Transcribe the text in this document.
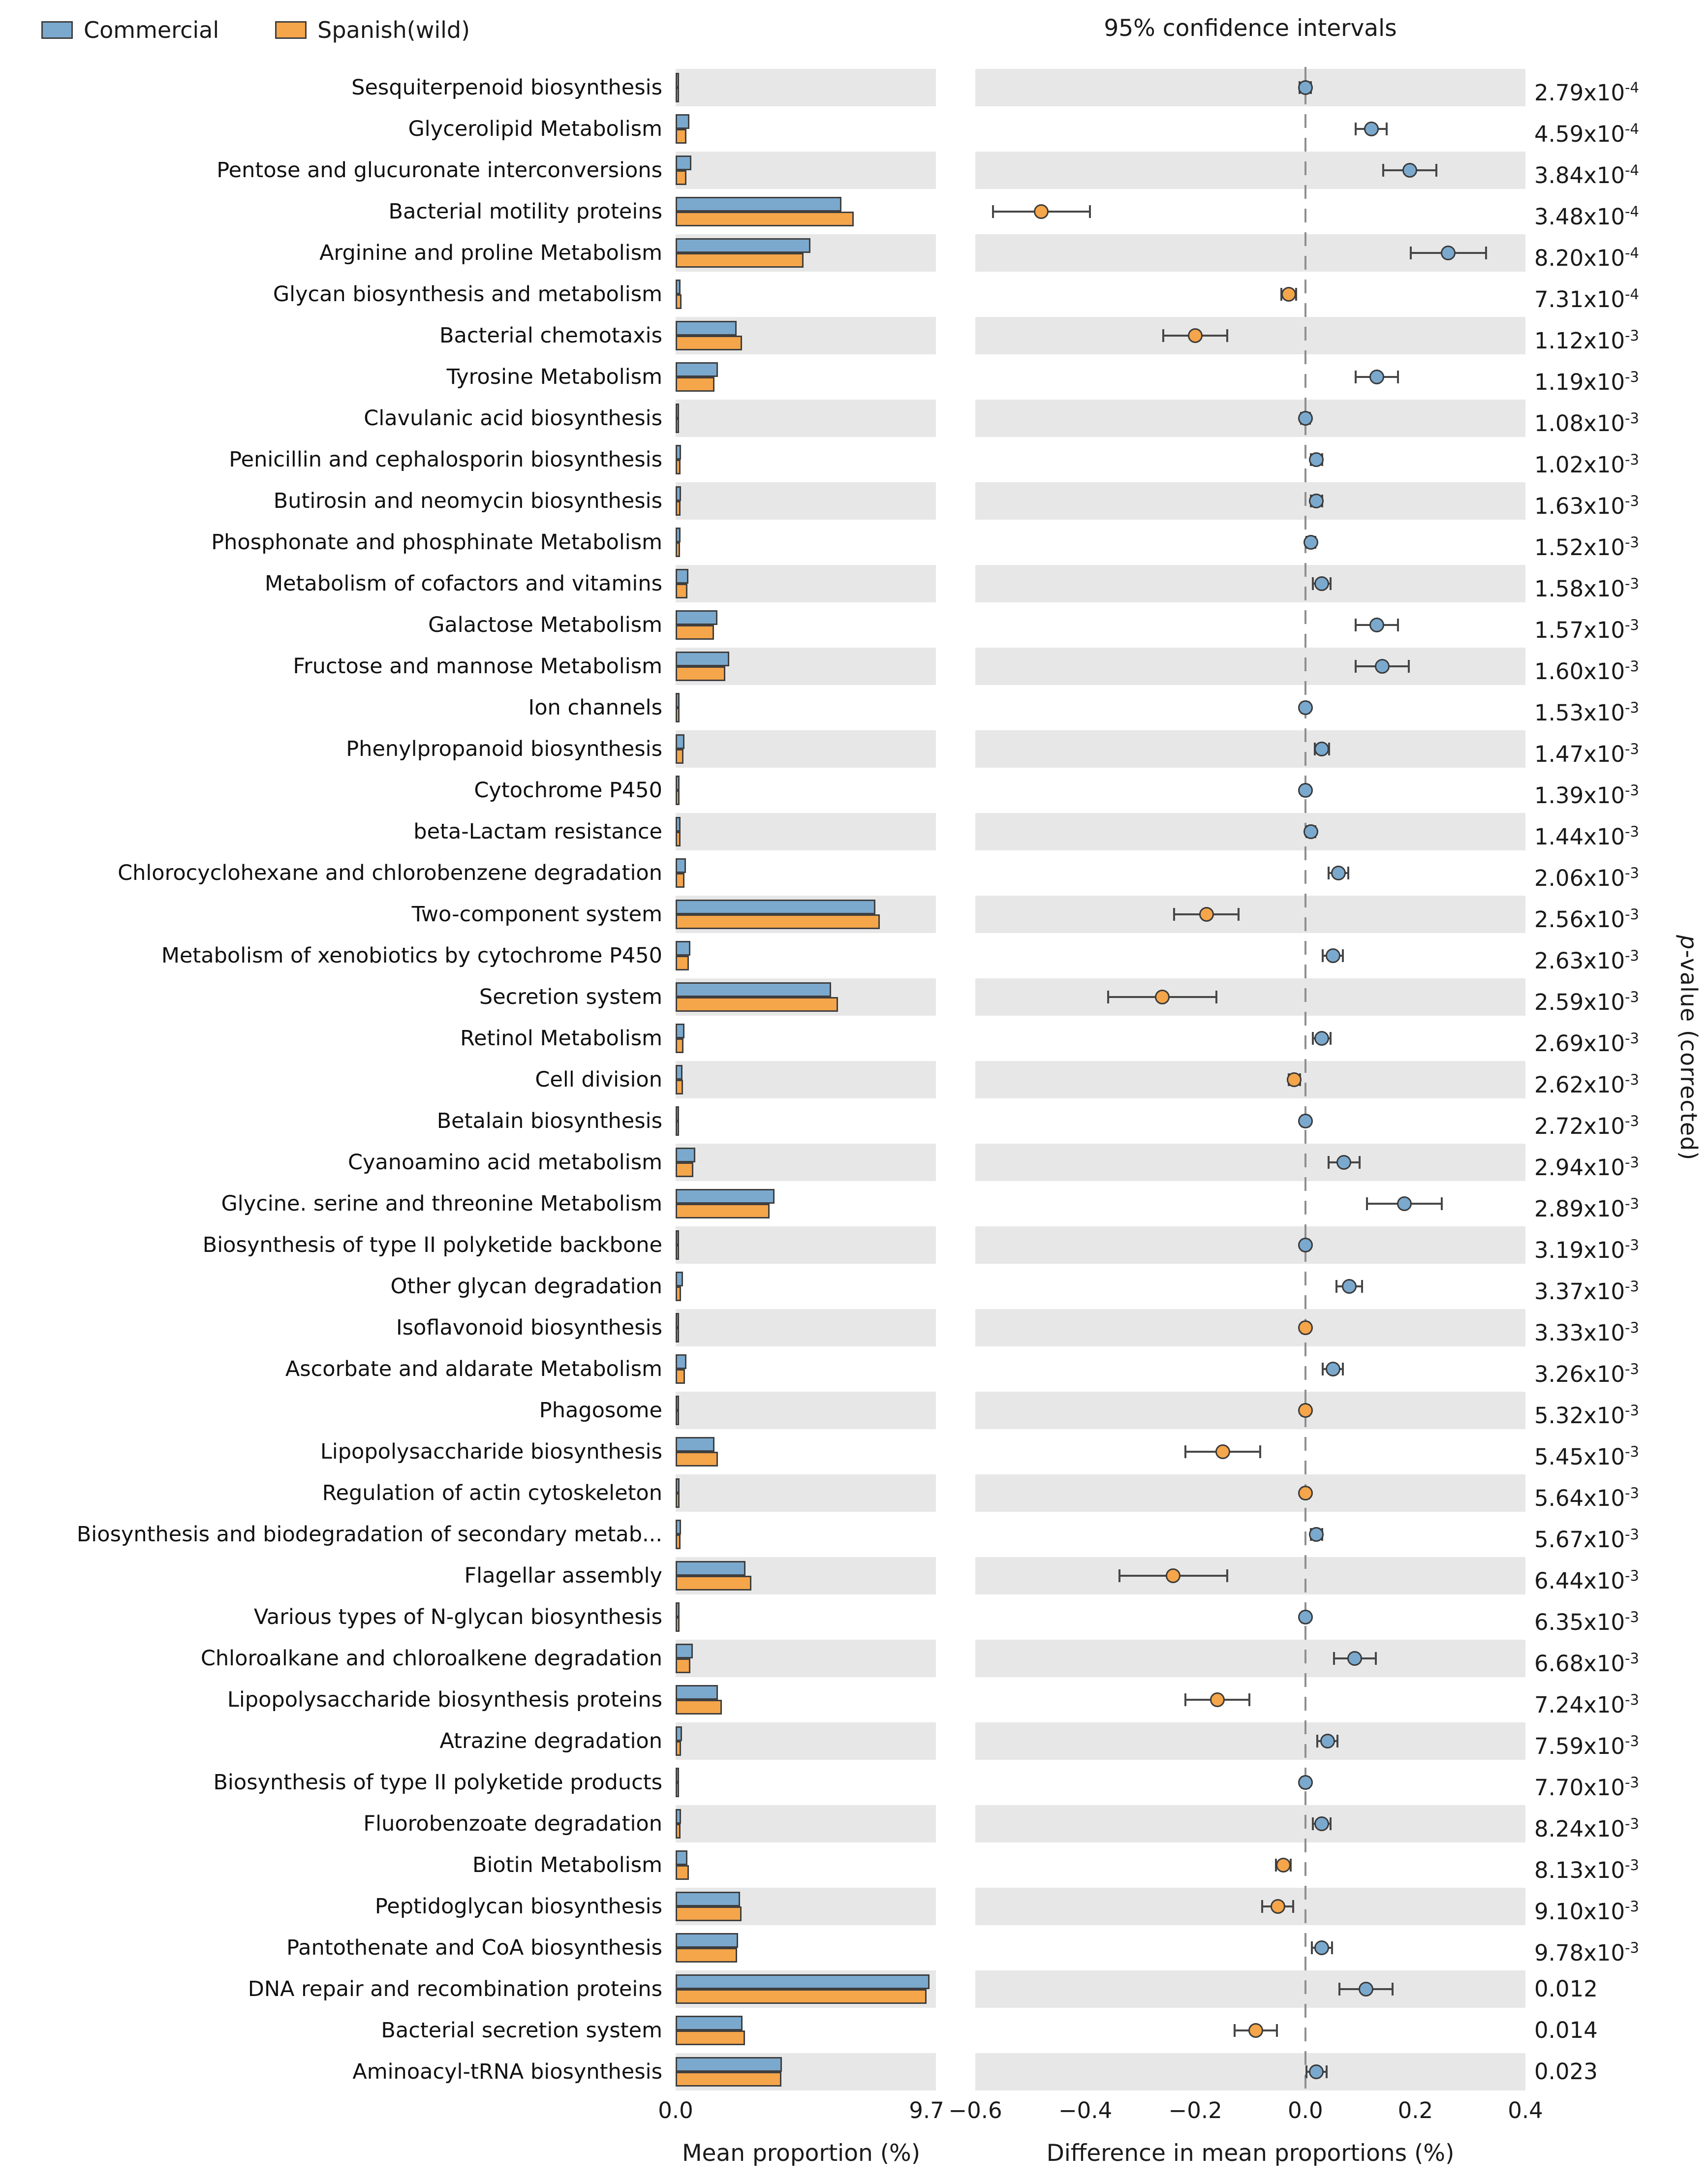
Commercial	Spanish(wild)	95% confidence intervals
Sesquiterpenoid biosynthesis	$2.79x10^{-4}$
Glycerolipid Metabolism	$4.59x10^{-4}$
Pentose and glucuronate interconversions	$3.84x10^{-4}$
Bacterial motility proteins	$3.48x10^{-4}$
Arginine and proline Metabolism	$8.20x10^{-4}$
Glycan biosynthesis and metabolism	$7.31x10^{-4}$
Bacterial chemotaxis	$1.12x10^{-3}$
Tyrosine Metabolism	$1.19x10^{-3}$
Clavulanic acid biosynthesis	$1.08x10^{-3}$
Penicillin and cephalosporin biosynthesis	$1.02x10^{-3}$
Butirosin and neomycin biosynthesis	$1.63x10^{-3}$
Phosphonate and phosphinate Metabolism	$1.52x10^{-3}$
Metabolism of cofactors and vitamins	$1.58x10^{-3}$
Galactose Metabolism	$1.57x10^{-3}$
Fructose and mannose Metabolism	$1.60x10^{-3}$
Ion channels	$1.53x10^{-3}$
Phenylpropanoid biosynthesis	$1.47x10^{-3}$
Cytochrome P450	$1.39x10^{-3}$
beta-Lactam resistance	$1.44x10^{-3}$
Chlorocyclohexane and chlorobenzene degradation	$2.06x10^{-3}$
Two-component system	$2.56x10^{-3}$
Metabolism of xenobiotics by cytochrome P450	$2.63x10^{-3}$
Secretion system	$2.59x10^{-3}$
Retinol Metabolism	$2.69x10^{-3}$
Cell division	$2.62x10^{-3}$
Betalain biosynthesis	$2.72x10^{-3}$
Cyanoamino acid metabolism	$2.94x10^{-3}$
Glycine. serine and threonine Metabolism	$2.89x10^{-3}$
Biosynthesis of type II polyketide backbone	$3.19x10^{-3}$
Other glycan degradation	$3.37x10^{-3}$
Isoflavonoid biosynthesis	$3.33x10^{-3}$
Ascorbate and aldarate Metabolism	$3.26x10^{-3}$
Phagosome	$5.32x10^{-3}$
Lipopolysaccharide biosynthesis	$5.45x10^{-3}$
Regulation of actin cytoskeleton	$5.64x10^{-3}$
Biosynthesis and biodegradation of secondary metab...	$5.67x10^{-3}$
Flagellar assembly	$6.44x10^{-3}$
Various types of N-glycan biosynthesis	$6.35x10^{-3}$
Chloroalkane and chloroalkene degradation	$6.68x10^{-3}$
Lipopolysaccharide biosynthesis proteins	$7.24x10^{-3}$
Atrazine degradation	$7.59x10^{-3}$
Biosynthesis of type II polyketide products	$7.70x10^{-3}$
Fluorobenzoate degradation	$8.24x10^{-3}$
Biotin Metabolism	$8.13x10^{-3}$
Peptidoglycan biosynthesis	$9.10x10^{-3}$
Pantothenate and CoA biosynthesis	$9.78x10^{-3}$
DNA repair and recombination proteins	0.012
Bacterial secretion system	0.014
Aminoacyl-tRNA biosynthesis	0.023
0.0	9.7 −0.6	−0.4	−0.2	0.0	0.2	0.4
Mean proportion (%)	Difference in mean proportions (%)
p-value (corrected)
